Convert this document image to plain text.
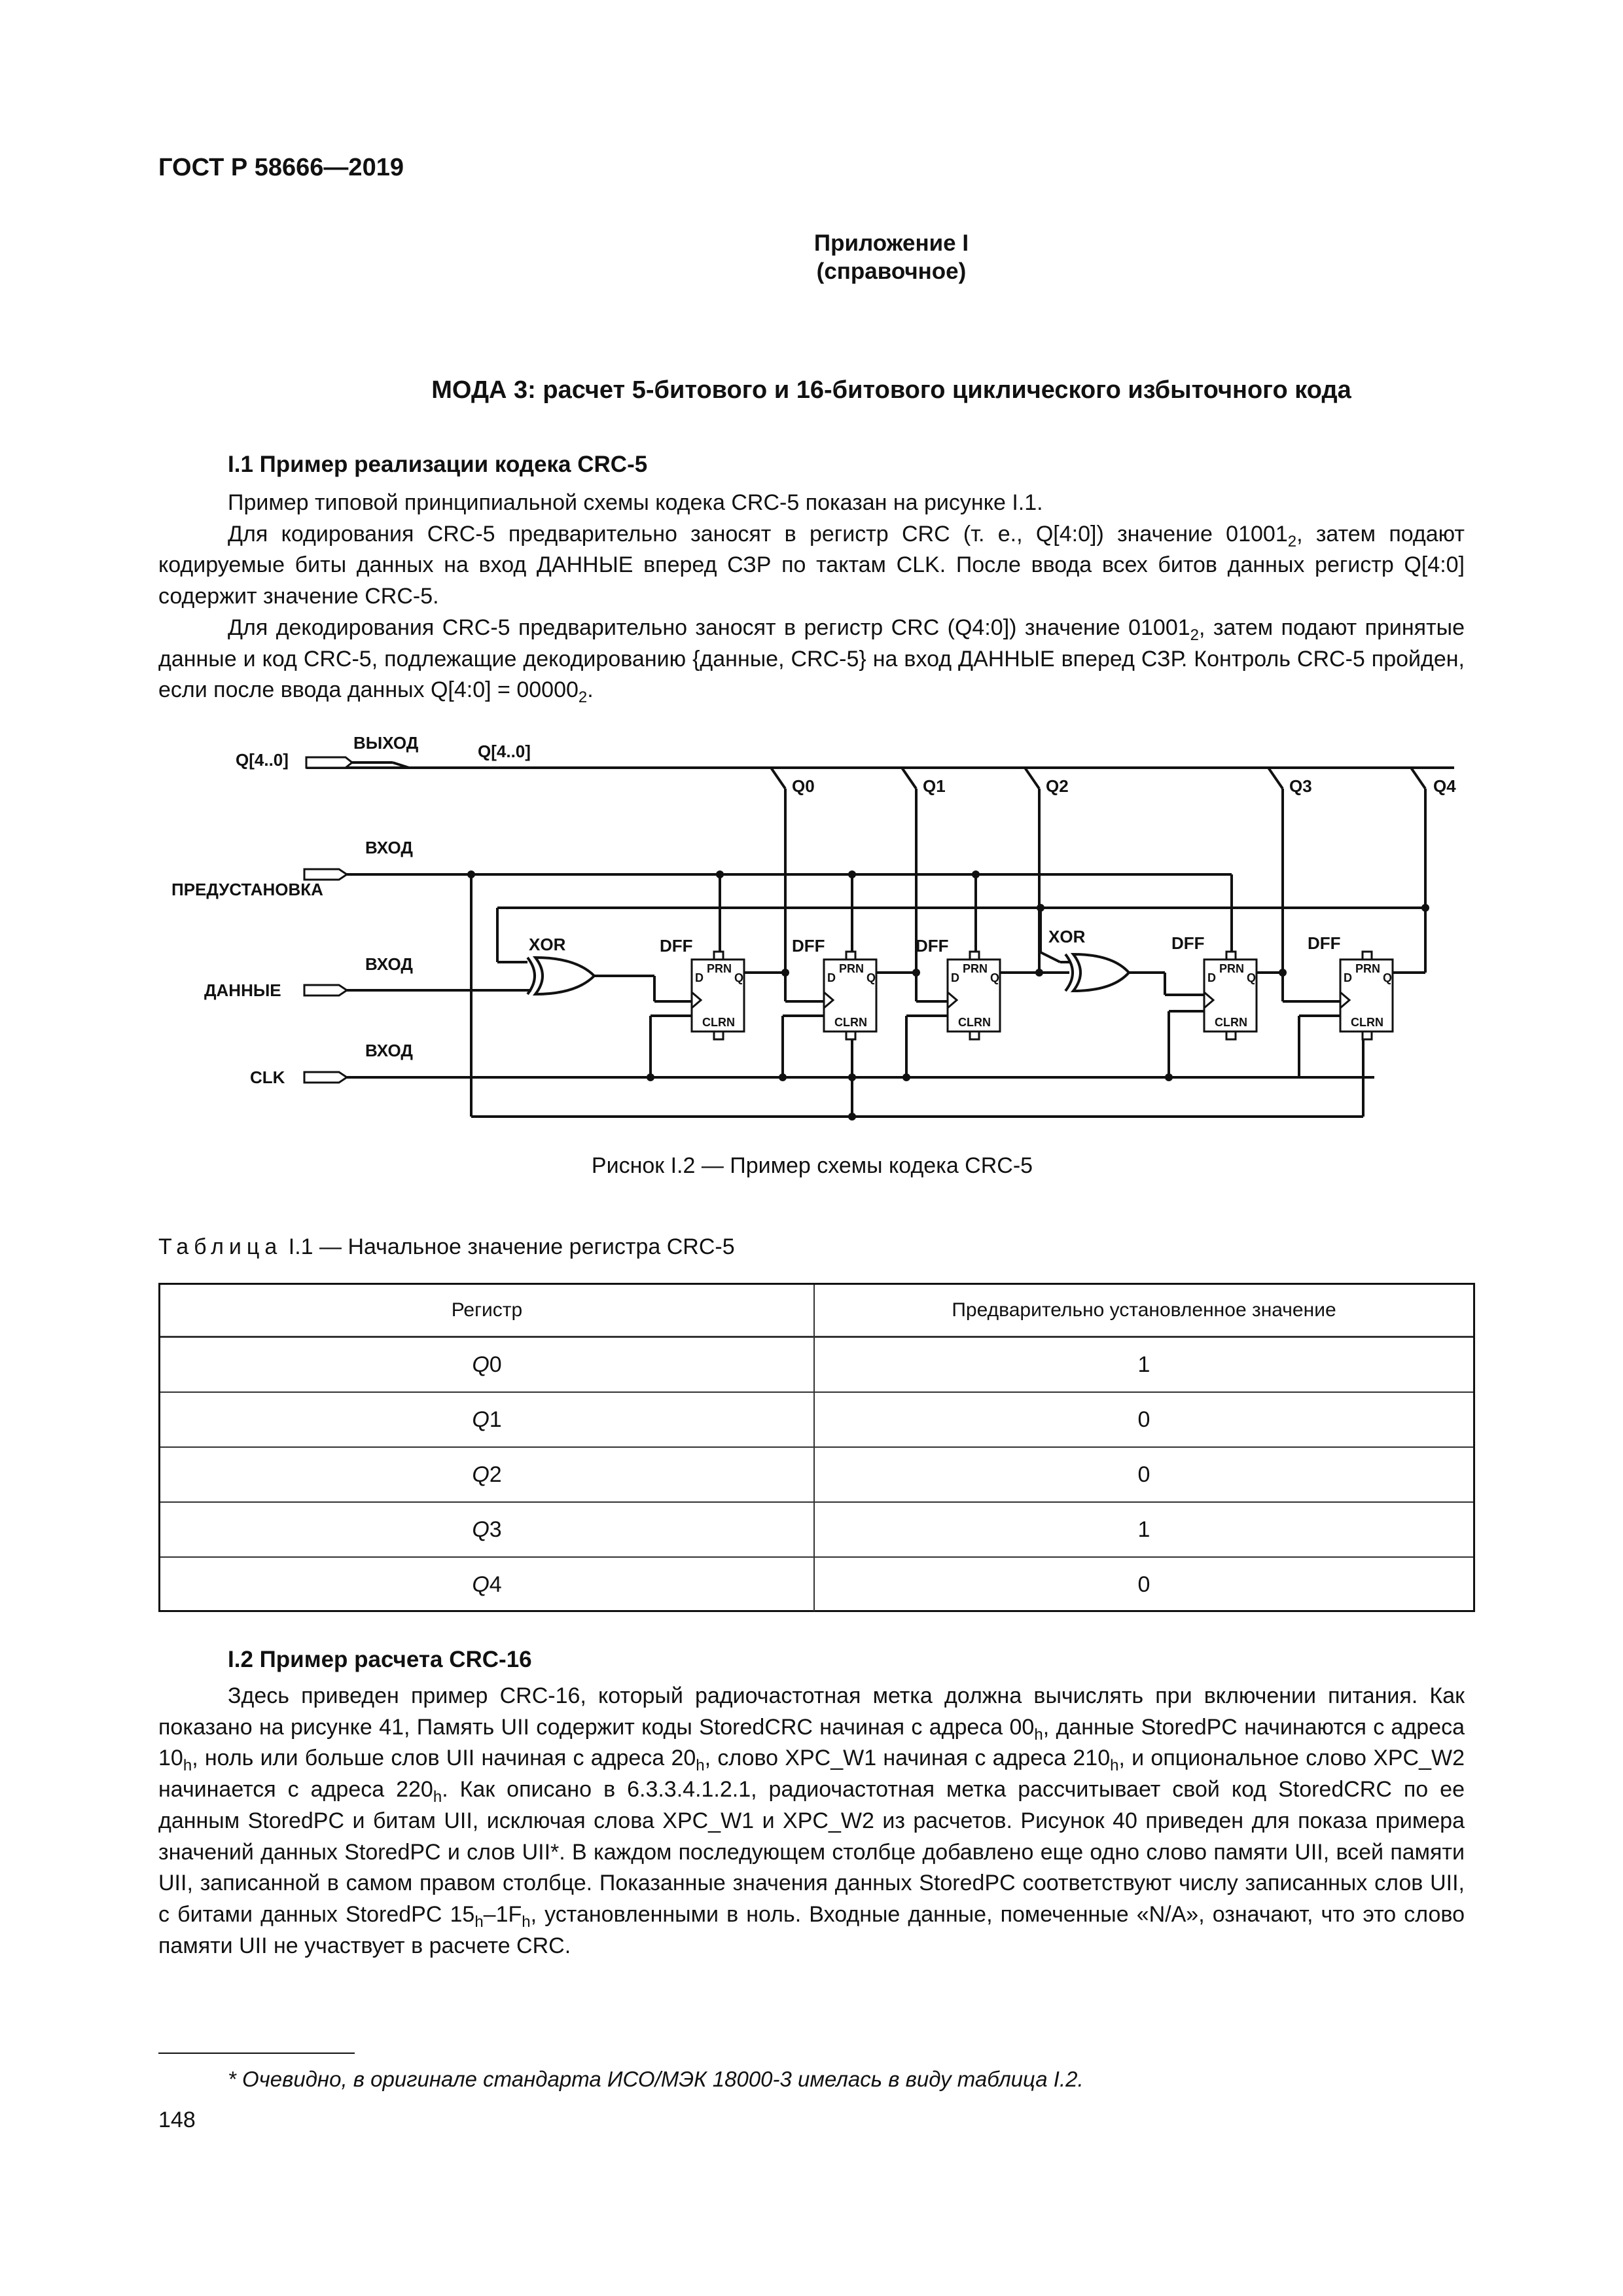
ГОСТ Р 58666—2019
Приложение I
(справочное)
МОДА 3: расчет 5-битового и 16-битового циклического избыточного кода
I.1 Пример реализации кодека CRC-5

Пример типовой принципиальной схемы кодека CRC-5 показан на рисунке I.1.

Для кодирования CRC-5 предварительно заносят в регистр CRC (т. е., Q[4:0]) значение $01001_2$, затем подают кодируемые биты данных на вход ДАННЫЕ вперед СЗР по тактам CLK. После ввода всех битов данных регистр Q[4:0] содержит значение CRC-5.

Для декодирования CRC-5 предварительно заносят в регистр CRC (Q4:0]) значение $01001_2$, затем подают принятые данные и код CRC-5, подлежащие декодированию {данные, CRC-5} на вход ДАННЫЕ вперед СЗР. Контроль CRC-5 пройден, если после ввода данных Q[4:0] = $00000_2$.

Q[4..0]
ВЫХОД	Q[4..0]
Q0	Q1	Q2	Q3	Q4
ВХОД
ПРЕДУСТАНОВКА
ВХОД
ДАННЫЕ
ВХОД
CLK
XOR	XOR
DFF	DFF	DFF	DFF	DFF
D
PRN
Q
CLRN
D
PRN
Q
CLRN
D
PRN
Q
CLRN
D
PRN
Q
CLRN
D
PRN
Q
CLRN
Риснок I.2 — Пример схемы кодека CRC-5
Таблица I.1 — Начальное значение регистра CRC-5
Регистр	Предварительно установленное значение
Q 0	1
Q 1	0
Q 2	0
Q 3	1
Q 4	0
I.2 Пример расчета CRC-16

Здесь приведен пример CRC-16, который радиочастотная метка должна вычислять при включении питания. Как показано на рисунке 41, Память UII содержит коды StoredCRC начиная с адреса $00_h$, данные StoredPC начинаются с адреса $10_h$, ноль или больше слов UII начиная с адреса $20_h$, слово XPC_W1 начиная с адреса $210_h$, и опциональное слово XPC_W2 начинается с адреса $220_h$. Как описано в 6.3.3.4.1.2.1, радиочастотная метка рассчитывает свой код StoredCRC по ее данным StoredPC и битам UII, исключая слова XPC_W1 и XPC_W2 из расчетов. Рисунок 40 приведен для показа примера значений данных StoredPC и слов UII*. В каждом последующем столбце добавлено еще одно слово памяти UII, всей памяти UII, записанной в самом правом столбце. Показанные значения данных StoredPC соответствуют числу записанных слов UII, с битами данных StoredPC $15_h-1F_h$, установленными в ноль. Входные данные, помеченные «N/A», означают, что это слово памяти UII не участвует в расчете CRC.

* Очевидно, в оригинале стандарта ИСО/МЭК 18000-3 имелась в виду таблица I.2.
148
